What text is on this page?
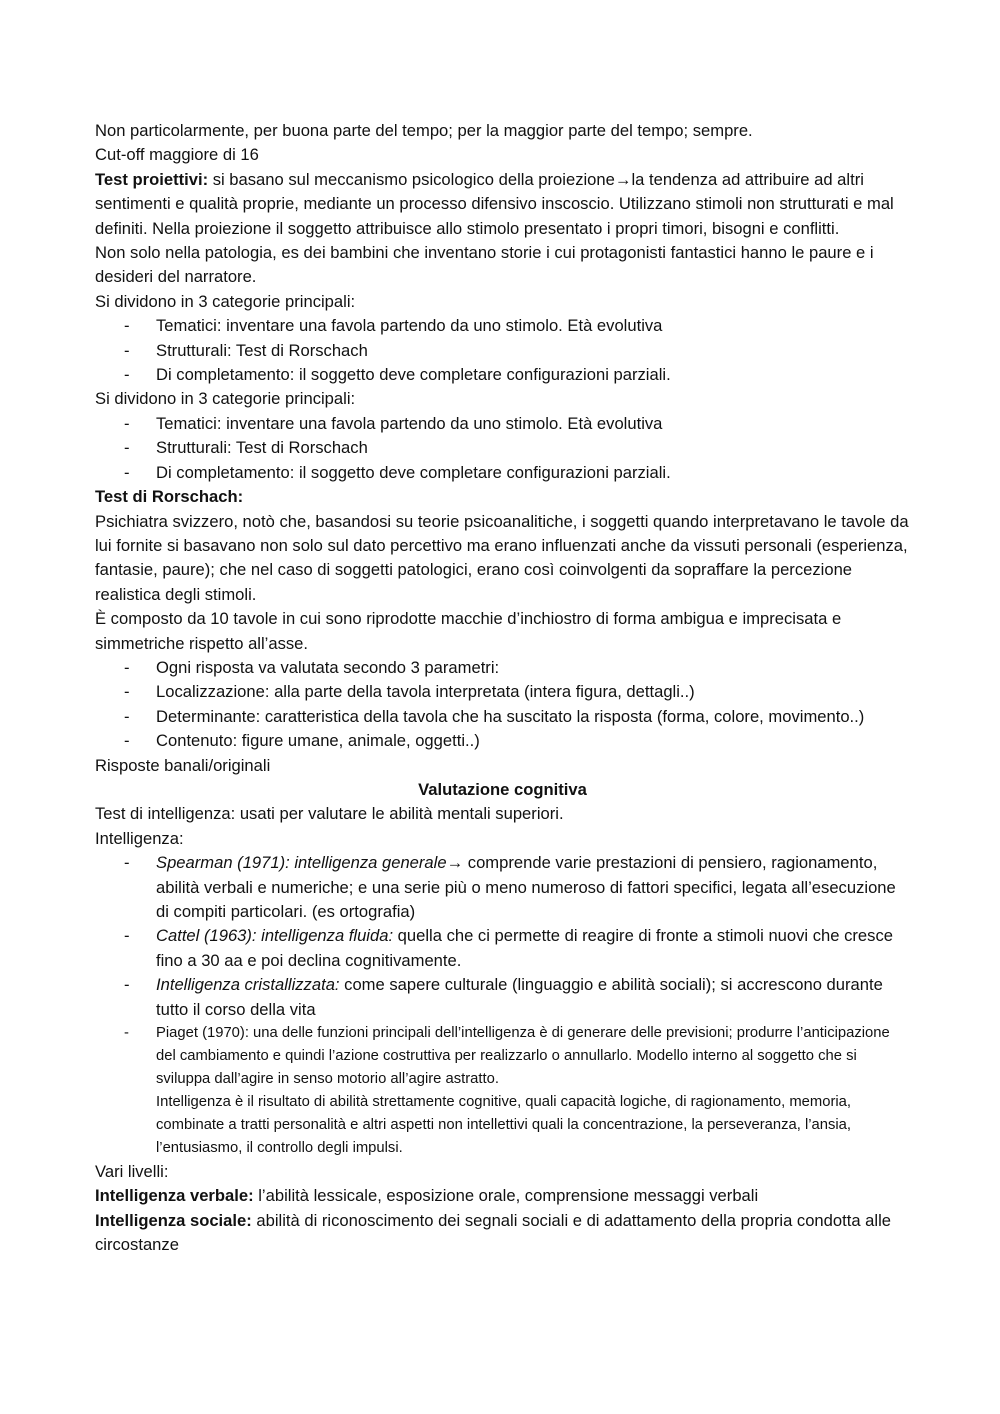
Non particolarmente, per buona parte del tempo; per la maggior parte del tempo; sempre.
Cut-off maggiore di 16
Test proiettivi: si basano sul meccanismo psicologico della proiezione→la tendenza ad attribuire ad altri sentimenti e qualità proprie, mediante un processo difensivo inscoscio. Utilizzano stimoli non strutturati e mal definiti. Nella proiezione il soggetto attribuisce allo stimolo presentato i propri timori, bisogni e conflitti.
Non solo nella patologia, es dei bambini che inventano storie i cui protagonisti fantastici hanno le paure e i desideri del narratore.
Si dividono in 3 categorie principali:
- Tematici: inventare una favola partendo da uno stimolo. Età evolutiva
- Strutturali: Test di Rorschach
- Di completamento: il soggetto deve completare configurazioni parziali.
Si dividono in 3 categorie principali:
- Tematici: inventare una favola partendo da uno stimolo. Età evolutiva
- Strutturali: Test di Rorschach
- Di completamento: il soggetto deve completare configurazioni parziali.
Test di Rorschach:
Psichiatra svizzero, notò che, basandosi su teorie psicoanalitiche, i soggetti quando interpretavano le tavole da lui fornite si basavano non solo sul dato percettivo ma erano influenzati anche da vissuti personali (esperienza, fantasie, paure); che nel caso di soggetti patologici, erano così coinvolgenti da sopraffare la percezione realistica degli stimoli.
È composto da 10 tavole in cui sono riprodotte macchie d’inchiostro di forma ambigua e imprecisata e simmetriche rispetto all’asse.
- Ogni risposta va valutata secondo 3 parametri:
- Localizzazione: alla parte della tavola interpretata (intera figura, dettagli..)
- Determinante: caratteristica della tavola che ha suscitato la risposta (forma, colore, movimento..)
- Contenuto: figure umane, animale, oggetti..)
Risposte banali/originali
Valutazione cognitiva
Test di intelligenza: usati per valutare le abilità mentali superiori.
Intelligenza:
- Spearman (1971): intelligenza generale→ comprende varie prestazioni di pensiero, ragionamento, abilità verbali e numeriche; e una serie più o meno numeroso di fattori specifici, legata all’esecuzione di compiti particolari. (es ortografia)
- Cattel (1963): intelligenza fluida: quella che ci permette di reagire di fronte a stimoli nuovi che cresce fino a 30 aa e poi declina cognitivamente.
- Intelligenza cristallizzata: come sapere culturale (linguaggio e abilità sociali); si accrescono durante tutto il corso della vita
- Piaget (1970): una delle funzioni principali dell’intelligenza è di generare delle previsioni; produrre l’anticipazione del cambiamento e quindi l’azione costruttiva per realizzarlo o annullarlo. Modello interno al soggetto che si sviluppa dall’agire in senso motorio all’agire astratto.
Intelligenza è il risultato di abilità strettamente cognitive, quali capacità logiche, di ragionamento, memoria, combinate a tratti personalità e altri aspetti non intellettivi quali la concentrazione, la perseveranza, l’ansia, l’entusiasmo, il controllo degli impulsi.
Vari livelli:
Intelligenza verbale: l’abilità lessicale, esposizione orale, comprensione messaggi verbali
Intelligenza sociale: abilità di riconoscimento dei segnali sociali e di adattamento della propria condotta alle circostanze
